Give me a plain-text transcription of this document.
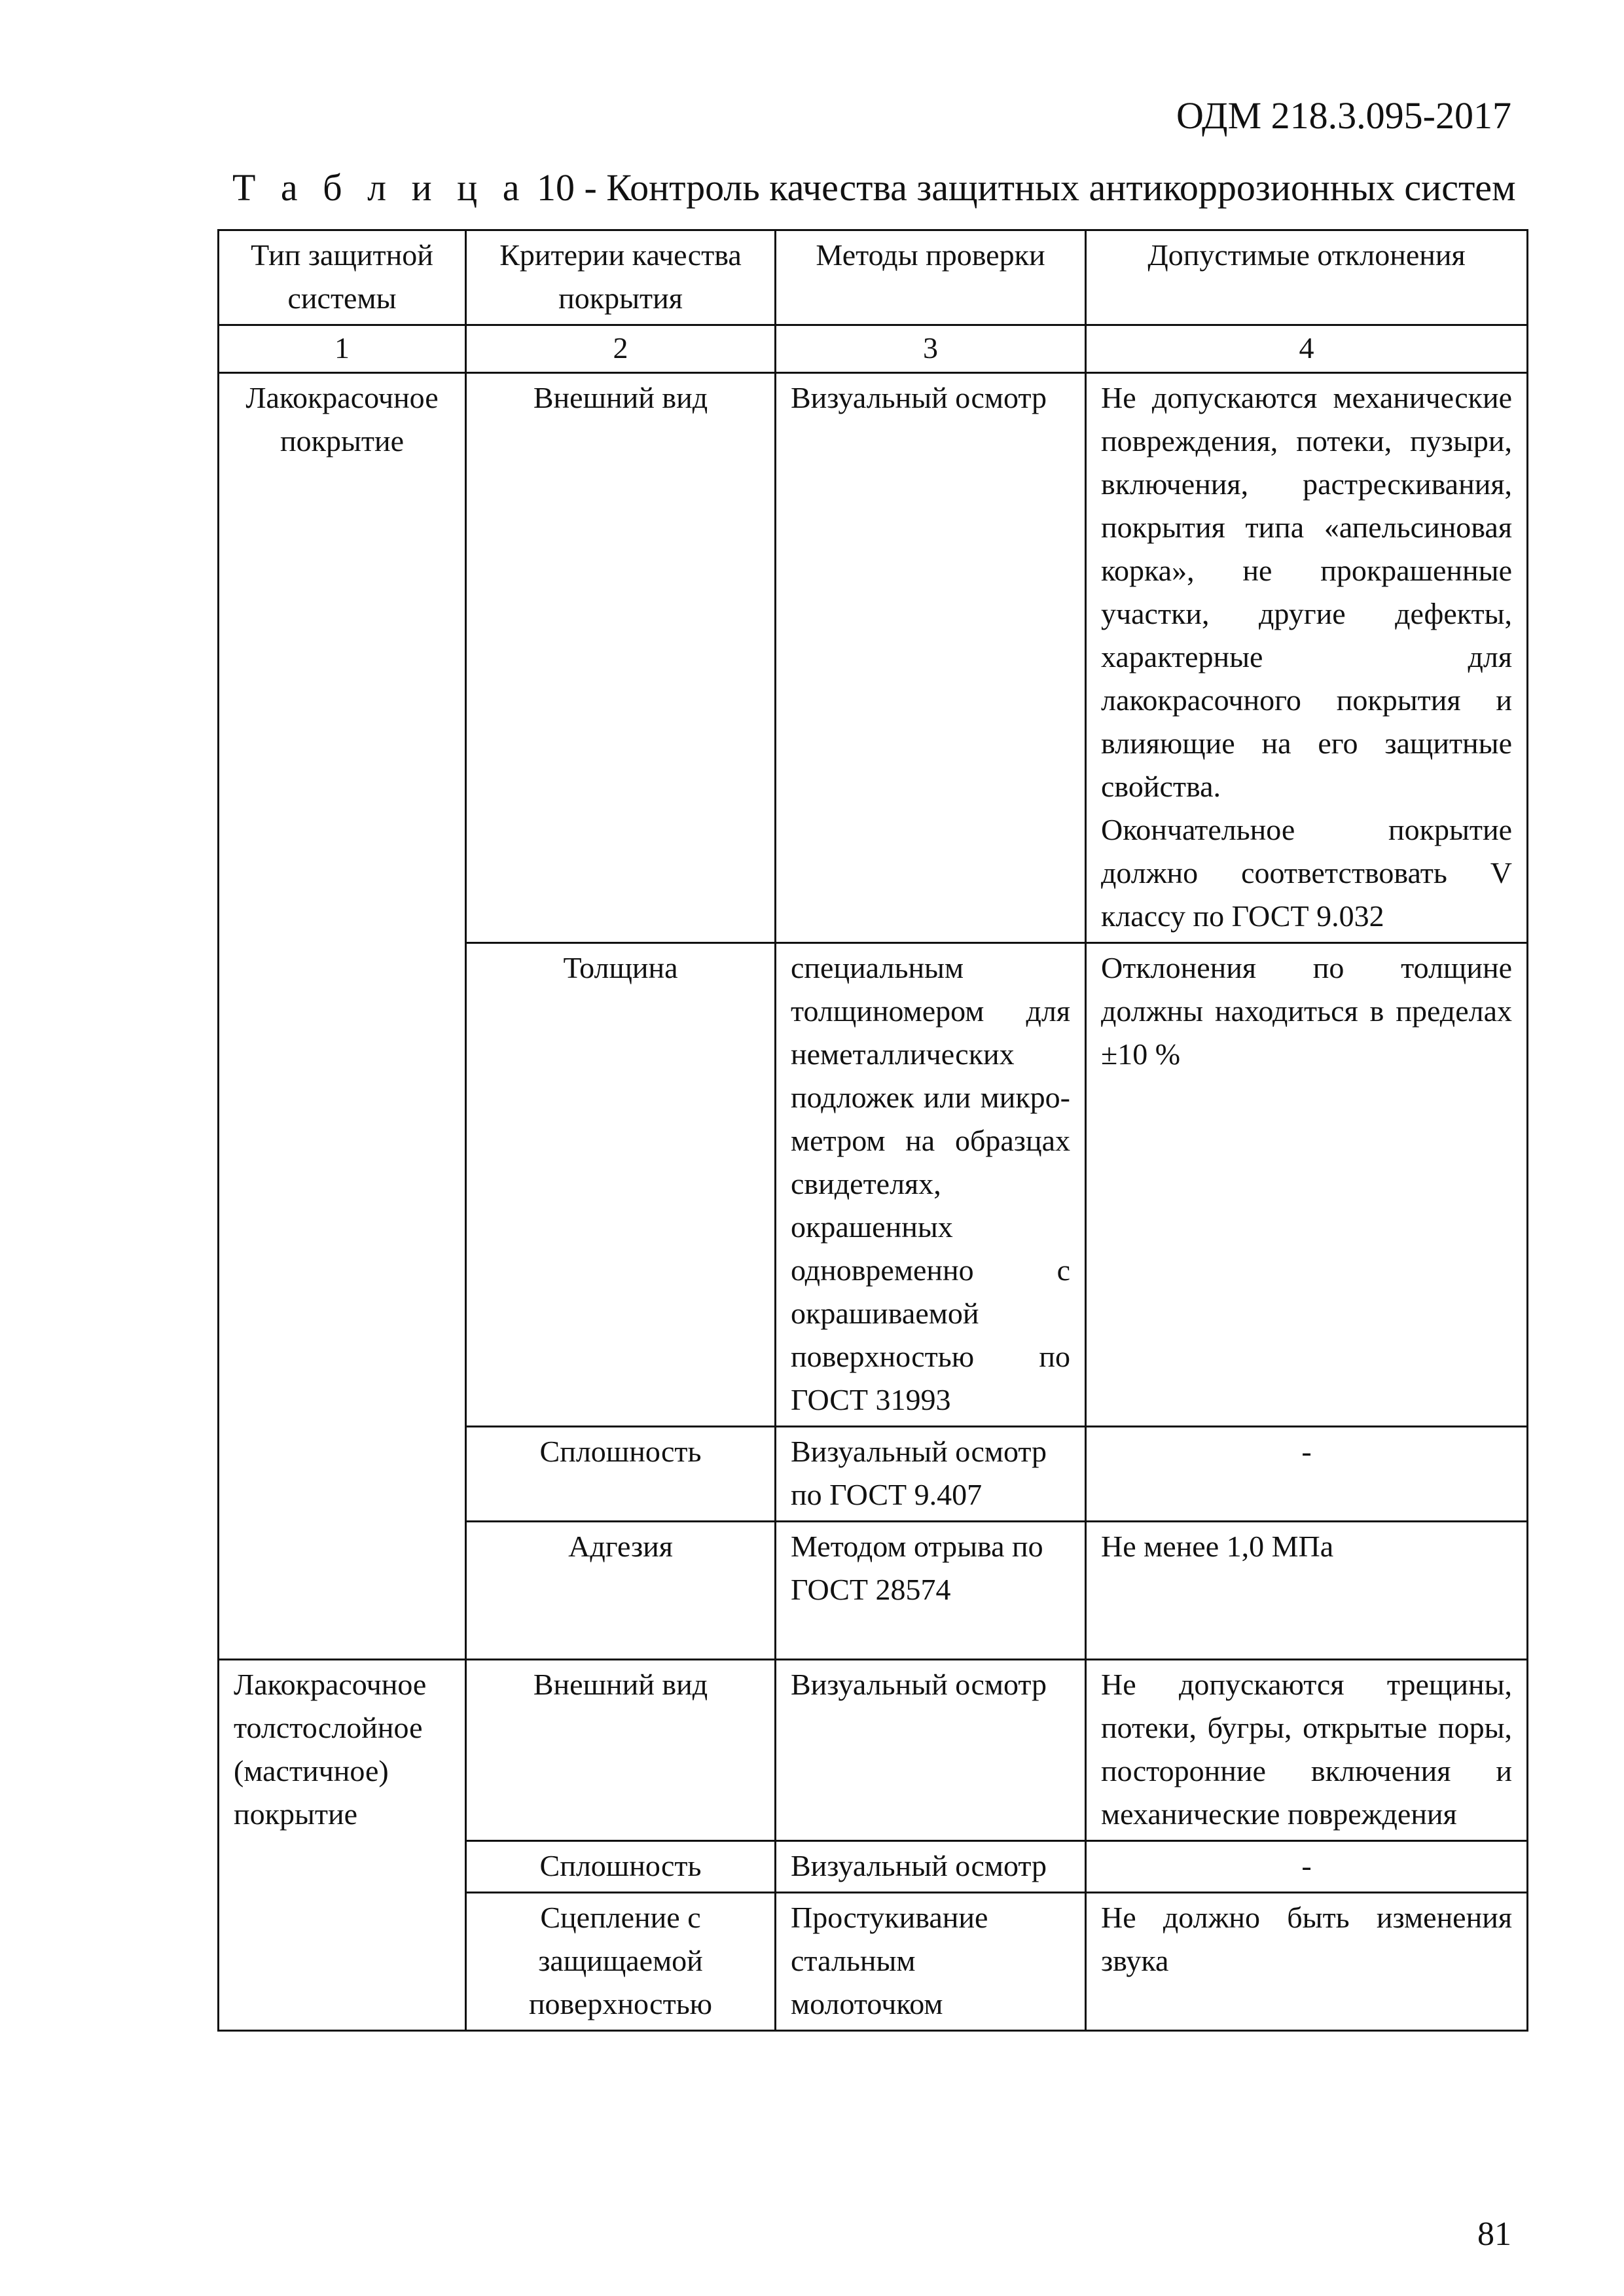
ОДМ 218.3.095-2017
Т а б л и ц а 10 - Контроль качества защитных антикоррозионных систем
Тип защитной системы	Критерии качества покрытия	Методы проверки	Допустимые отклонения
1	2	3	4
Лакокрасочное покрытие	Внешний вид	Визуальный осмотр	Не допускаются механические повреждения, потеки, пузыри, включения, растрескивания, покрытия типа «апельсиновая корка», не прокрашенные участки, другие дефекты, характерные для лакокрасочного покрытия и влияющие на его защитные свойства.
Окончательное покрытие должно соответствовать V классу по ГОСТ 9.032

	Толщина	специальным толщиномером для неметаллических подложек или микро-метром на образцах свидетелях, окрашенных одновременно с окрашиваемой поверхностью по ГОСТ 31993	Отклонения по толщине должны находиться в пределах ±10 %
	Сплошность	Визуальный осмотр по ГОСТ 9.407	-
	Адгезия	Методом отрыва по ГОСТ 28574	Не менее 1,0 МПа
Лакокрасочное толстослойное (мастичное) покрытие	Внешний вид	Визуальный осмотр	Не допускаются трещины, потеки, бугры, открытые поры, посторонние включения и механические повреждения
	Сплошность	Визуальный осмотр	-
	Сцепление с защищаемой поверхностью	Простукивание стальным молоточком	Не должно быть изменения звука
81
